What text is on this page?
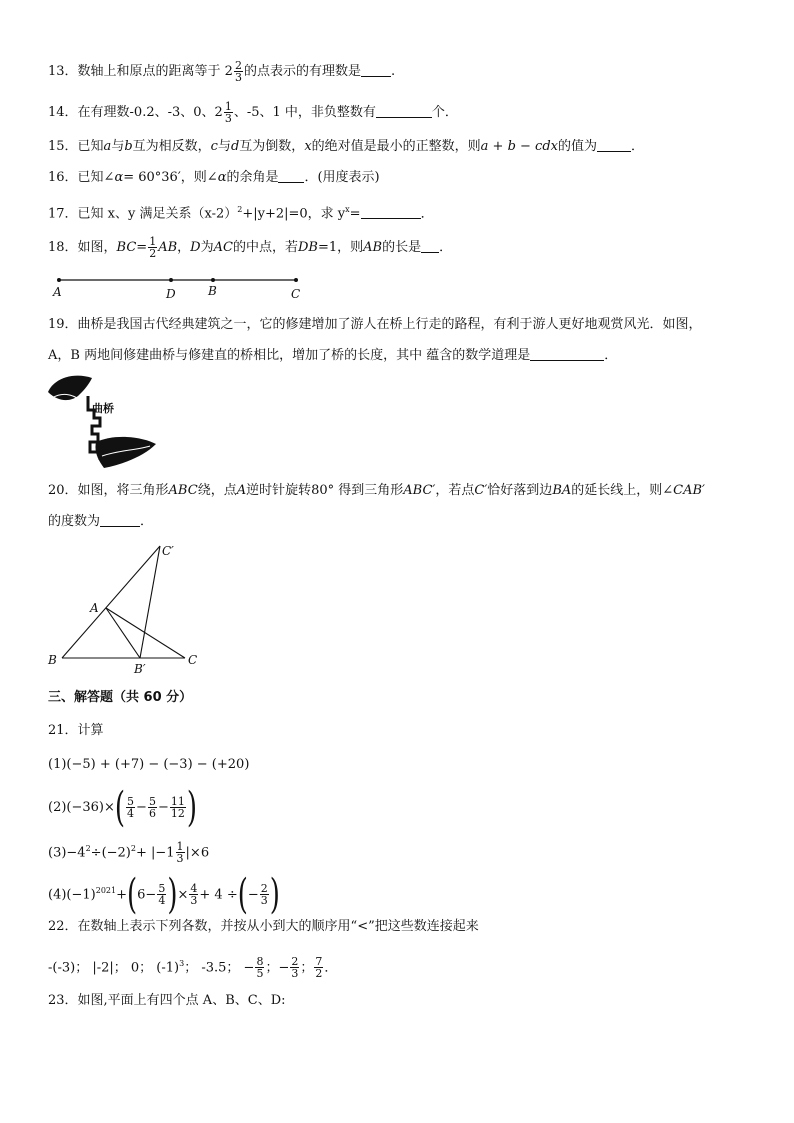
13．数轴上和原点的距离等于 $2 \frac{2}{3}$ 的点表示的有理数是 .
14．在有理数-0.2、-3、0、$2 \frac{1}{3}$ 、-5、1 中，非负整数有	个．
15．已知a与b互为相反数，c与d互为倒数，x的绝对值是最小的正整数，则a + b − cdx的值为	．
16．已知∠α= 60°36′，则∠α的余角是 ．(用度表示)
17．已知 x、y 满足关系$(x-2)^2+|y+2|=0$，求 $y^x=$	．
18．如图，$BC= \frac{1}{2}$ AB，D为AC的中点，若DB=1，则AB的长是 ．
A	D	B	C
19．曲桥是我国古代经典建筑之一，它的修建增加了游人在桥上行走的路程，有利于游人更好地观赏风光．如图，
A，B 两地间修建曲桥与修建直的桥相比，增加了桥的长度，其中 蕴含的数学道理是	．
曲桥
20．如图，将三角形ABC绕，点A逆时针旋转80° 得到三角形ABC′，若点C′恰好落到边BA的延长线上，则∠CAB′
的度数为	．
C′
A
B
B′
C
三、解答题（共 60 分）
21．计算
(1)(−5) + (+7) − (−3) − (+20)
$(2)(-36)\times( \frac{5}{4} - \frac{5}{6} - \frac{11}{12}$ )
$(3)-4^2\div(-2)^2+ |-1 \frac{1}{3} |\times 6$
$(4)(-1)^{2021}+(6- \frac{5}{4}$ )× $\frac{4}{3} + 4$ ÷(− $\frac{2}{3}$ )
22．在数轴上表示下列各数，并按从小到大的顺序用“<”把这些数连接起来
-(-3)； |-2|； 0； $(-1)^3$； -3.5； − $\frac{8}{5}$ ；− $\frac{2}{3}$ ； $\frac{7}{2}$ ．
23．如图,平面上有四个点 A、B、C、D:
